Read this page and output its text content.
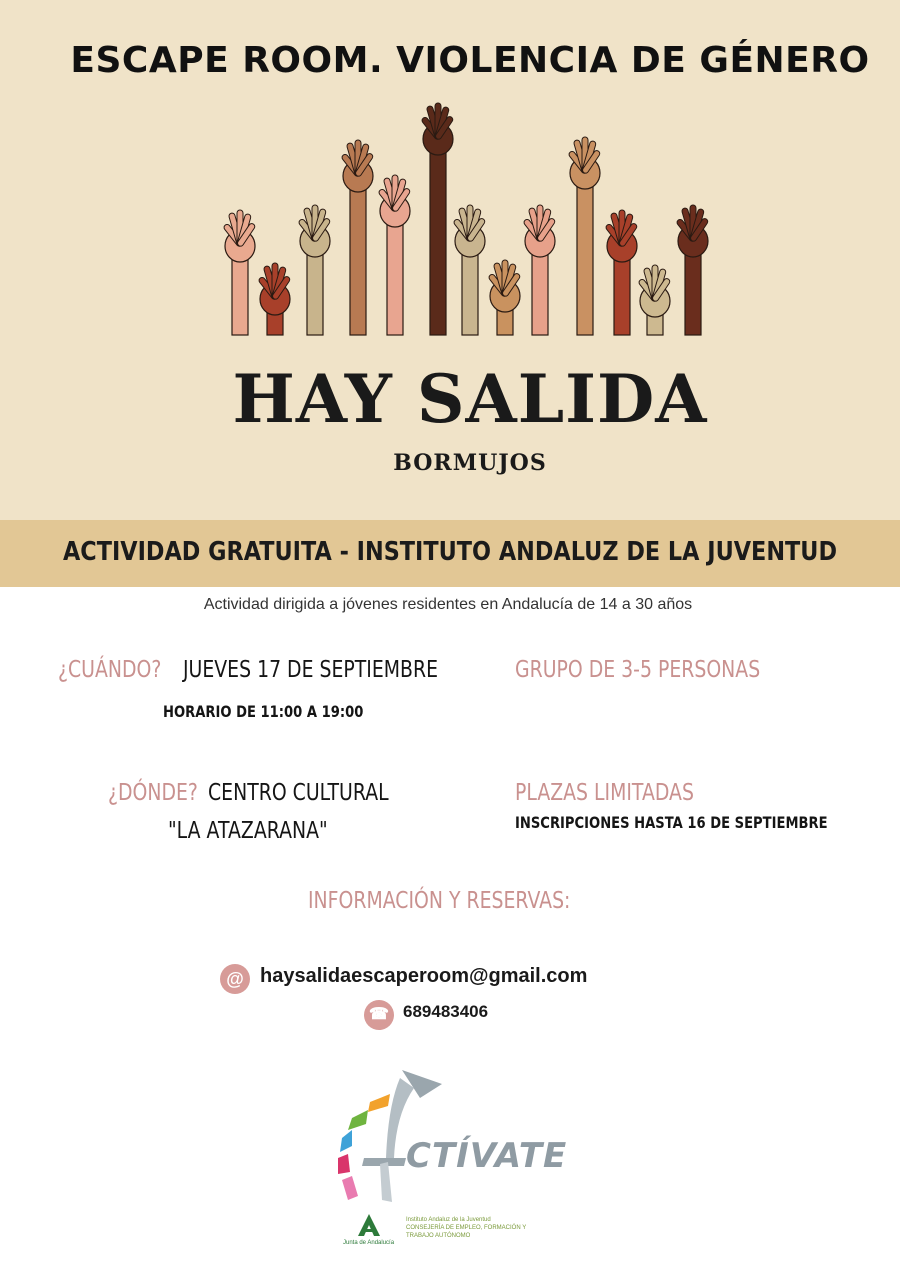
ESCAPE ROOM. VIOLENCIA DE GÉNERO
HAY SALIDA
BORMUJOS
ACTIVIDAD GRATUITA - INSTITUTO ANDALUZ DE LA JUVENTUD
Actividad dirigida a jóvenes residentes en Andalucía de 14 a 30 años
¿CUÁNDO? JUEVES 17 DE SEPTIEMBRE
HORARIO DE 11:00 A 19:00
GRUPO DE 3-5 PERSONAS
¿DÓNDE? CENTRO CULTURAL
"LA ATAZARANA"
PLAZAS LIMITADAS
INSCRIPCIONES HASTA 16 DE SEPTIEMBRE
INFORMACIÓN Y RESERVAS:
@ haysalidaescaperoom@gmail.com
☎ 689483406
CTÍVATE
Junta de Andalucía
Instituto Andaluz de la Juventud
CONSEJERÍA DE EMPLEO, FORMACIÓN Y
TRABAJO AUTÓNOMO
